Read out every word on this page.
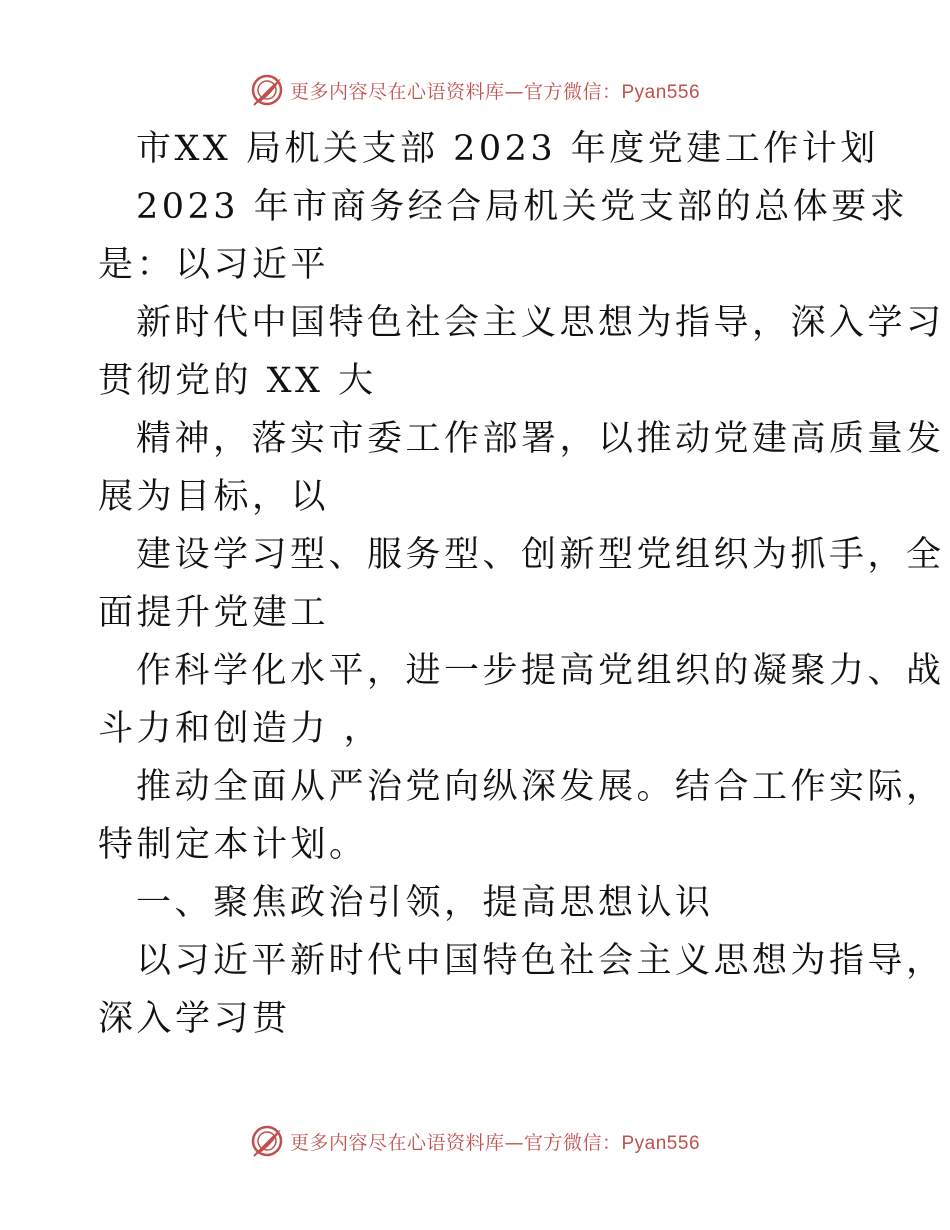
更多内容尽在心语资料库—官方微信：Pyan556

市XX 局机关支部 2023 年度党建工作计划

2023 年市商务经合局机关党支部的总体要求

是：以习近平

新时代中国特色社会主义思想为指导，深入学习

贯彻党的 XX 大

精神，落实市委工作部署，以推动党建高质量发

展为目标，以

建设学习型、服务型、创新型党组织为抓手，全

面提升党建工

作科学化水平，进一步提高党组织的凝聚力、战

斗力和创造力 ，

推动全面从严治党向纵深发展。结合工作实际，

特制定本计划。

一、聚焦政治引领，提高思想认识

以习近平新时代中国特色社会主义思想为指导，

深入学习贯

更多内容尽在心语资料库—官方微信：Pyan556
